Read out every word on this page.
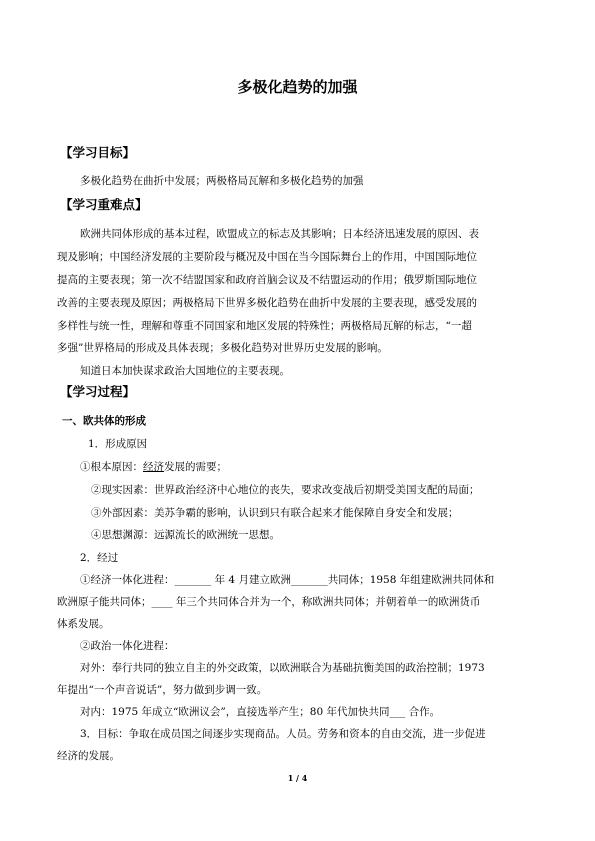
多极化趋势的加强
【学习目标】
多极化趋势在曲折中发展；两极格局瓦解和多极化趋势的加强
【学习重难点】
欧洲共同体形成的基本过程，欧盟成立的标志及其影响；日本经济迅速发展的原因、表
现及影响；中国经济发展的主要阶段与概况及中国在当今国际舞台上的作用，中国国际地位
提高的主要表现；第一次不结盟国家和政府首脑会议及不结盟运动的作用；俄罗斯国际地位
改善的主要表现及原因；两极格局下世界多极化趋势在曲折中发展的主要表现，感受发展的
多样性与统一性，理解和尊重不同国家和地区发展的特殊性；两极格局瓦解的标志，“一超
多强”世界格局的形成及具体表现；多极化趋势对世界历史发展的影响。
知道日本加快谋求政治大国地位的主要表现。
【学习过程】
一、欧共体的形成
1．形成原因
①根本原因：经济发展的需要；
②现实因素：世界政治经济中心地位的丧失，要求改变战后初期受美国支配的局面；
③外部因素：美苏争霸的影响，认识到只有联合起来才能保障自身安全和发展；
④思想渊源：远源流长的欧洲统一思想。
2．经过
①经济一体化进程：_______ 年 4 月建立欧洲_______共同体；1958 年组建欧洲共同体和
欧洲原子能共同体；____ 年三个共同体合并为一个，称欧洲共同体；并朝着单一的欧洲货币
体系发展。
②政治一体化进程：
对外：奉行共同的独立自主的外交政策，以欧洲联合为基础抗衡美国的政治控制；1973
年提出“一个声音说话”，努力做到步调一致。
对内：1975 年成立“欧洲议会”，直接选举产生；80 年代加快共同___ 合作。
3．目标：争取在成员国之间逐步实现商品。人员。劳务和资本的自由交流，进一步促进
经济的发展。
1 / 4
